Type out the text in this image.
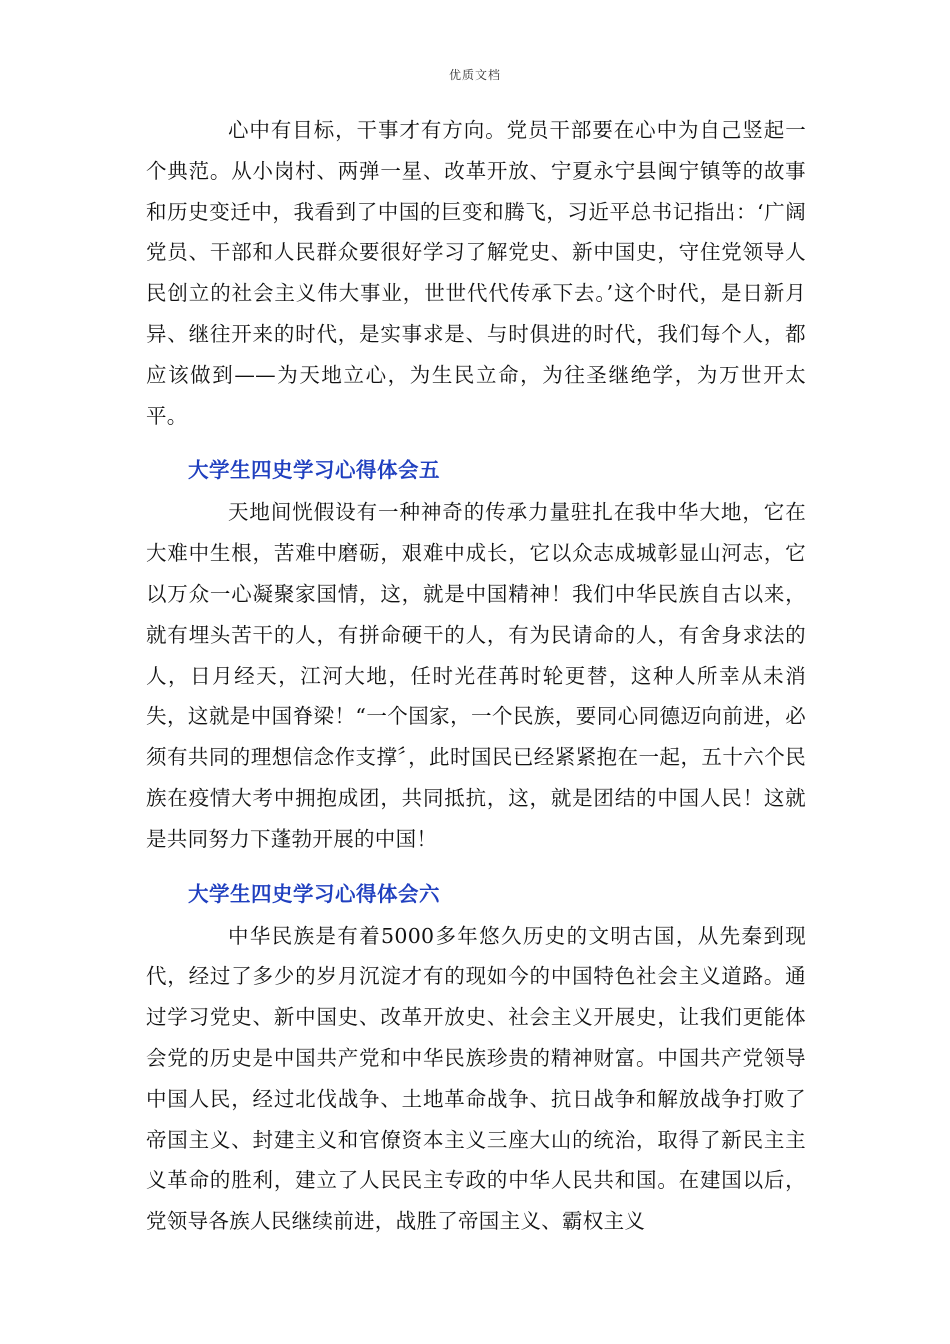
优质文档

心中有目标，干事才有方向。党员干部要在心中为自己竖起一个典范。从小岗村、两弹一星、改革开放、宁夏永宁县闽宁镇等的故事和历史变迁中，我看到了中国的巨变和腾飞，习近平总书记指出：‘广阔党员、干部和人民群众要很好学习了解党史、新中国史，守住党领导人民创立的社会主义伟大事业，世世代代传承下去。’这个时代，是日新月异、继往开来的时代，是实事求是、与时俱进的时代，我们每个人，都应该做到——为天地立心，为生民立命，为往圣继绝学，为万世开太平。

大学生四史学习心得体会五

天地间恍假设有一种神奇的传承力量驻扎在我中华大地，它在大难中生根，苦难中磨砺，艰难中成长，它以众志成城彰显山河志，它以万众一心凝聚家国情，这，就是中国精神！我们中华民族自古以来，就有埋头苦干的人，有拼命硬干的人，有为民请命的人，有舍身求法的人，日月经天，江河大地，任时光荏苒时轮更替，这种人所幸从未消失，这就是中国脊梁！“一个国家，一个民族，要同心同德迈向前进，必须有共同的理想信念作支撑〞，此时国民已经紧紧抱在一起，五十六个民族在疫情大考中拥抱成团，共同抵抗，这，就是团结的中国人民！这就是共同努力下蓬勃开展的中国！

大学生四史学习心得体会六

中华民族是有着5000多年悠久历史的文明古国，从先秦到现代，经过了多少的岁月沉淀才有的现如今的中国特色社会主义道路。通过学习党史、新中国史、改革开放史、社会主义开展史，让我们更能体会党的历史是中国共产党和中华民族珍贵的精神财富。中国共产党领导中国人民，经过北伐战争、土地革命战争、抗日战争和解放战争打败了帝国主义、封建主义和官僚资本主义三座大山的统治，取得了新民主主义革命的胜利，建立了人民民主专政的中华人民共和国。在建国以后，党领导各族人民继续前进，战胜了帝国主义、霸权主义
